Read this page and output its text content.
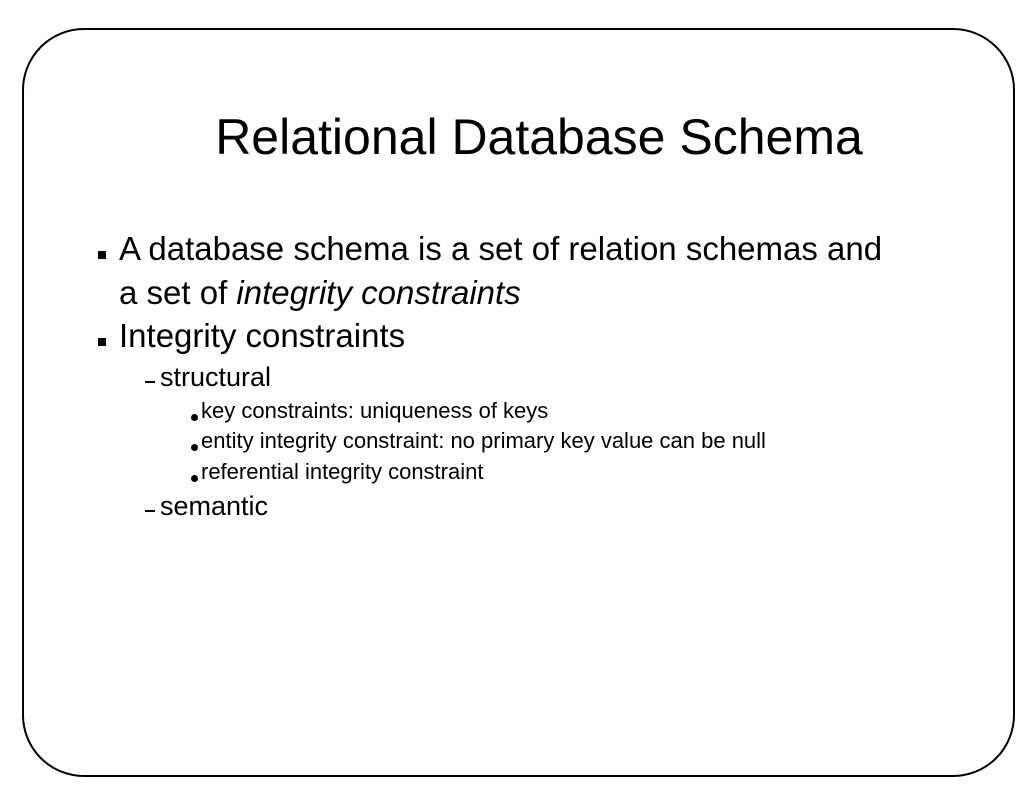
Relational Database Schema
A database schema is a set of relation schemas and
a set of integrity constraints
Integrity constraints
structural
key constraints: uniqueness of keys
entity integrity constraint: no primary key value can be null
referential integrity constraint
semantic
